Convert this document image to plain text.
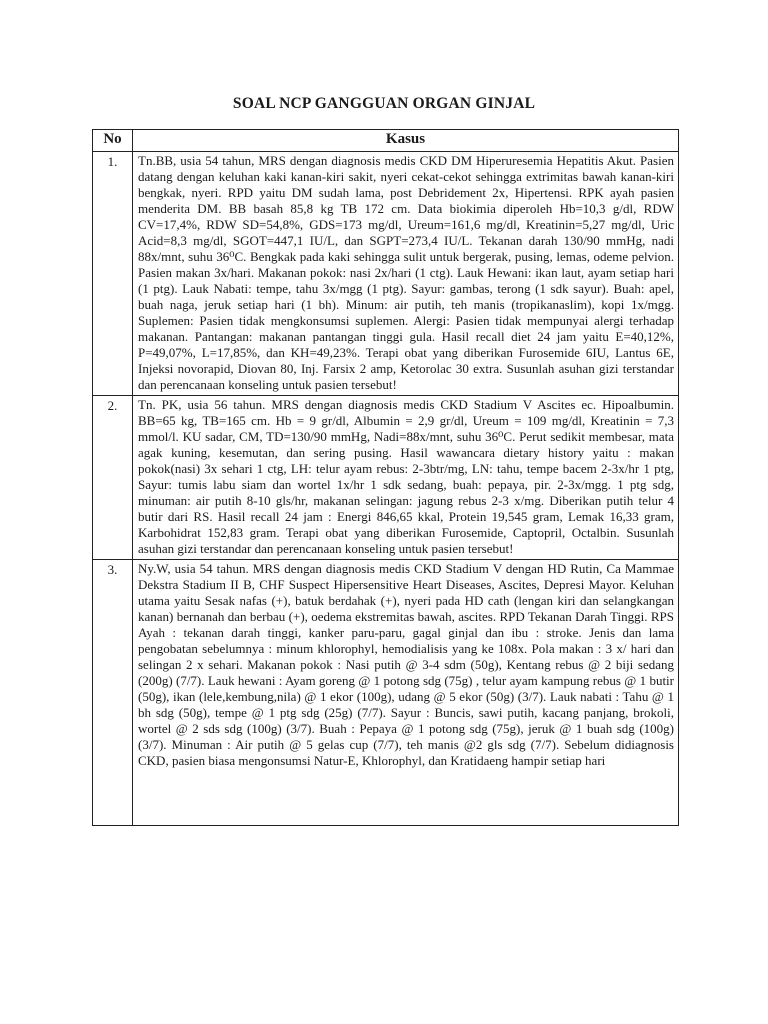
SOAL NCP GANGGUAN ORGAN GINJAL
No	Kasus
1.	Tn.BB, usia 54 tahun, MRS dengan diagnosis medis CKD DM Hiperuresemia Hepatitis Akut. Pasien datang dengan keluhan kaki kanan-kiri sakit, nyeri cekat-cekot sehingga extrimitas bawah kanan-kiri bengkak, nyeri. RPD yaitu DM sudah lama, post Debridement 2x, Hipertensi. RPK ayah pasien menderita DM. BB basah 85,8 kg TB 172 cm. Data biokimia diperoleh Hb=10,3 g/dl, RDW CV=17,4%, RDW SD=54,8%, GDS=173 mg/dl, Ureum=161,6 mg/dl, Kreatinin=5,27 mg/dl, Uric Acid=8,3 mg/dl, SGOT=447,1 IU/L, dan SGPT=273,4 IU/L. Tekanan darah 130/90 mmHg, nadi 88x/mnt, suhu 36⁰C. Bengkak pada kaki sehingga sulit untuk bergerak, pusing, lemas, odeme pelvion. Pasien makan 3x/hari. Makanan pokok: nasi 2x/hari (1 ctg). Lauk Hewani: ikan laut, ayam setiap hari (1 ptg). Lauk Nabati: tempe, tahu 3x/mgg (1 ptg). Sayur: gambas, terong (1 sdk sayur). Buah: apel, buah naga, jeruk setiap hari (1 bh). Minum: air putih, teh manis (tropikanaslim), kopi 1x/mgg. Suplemen: Pasien tidak mengkonsumsi suplemen. Alergi: Pasien tidak mempunyai alergi terhadap makanan. Pantangan: makanan pantangan tinggi gula. Hasil recall diet 24 jam yaitu E=40,12%, P=49,07%, L=17,85%, dan KH=49,23%. Terapi obat yang diberikan Furosemide 6IU, Lantus 6E, Injeksi novorapid, Diovan 80, Inj. Farsix 2 amp, Ketorolac 30 extra. Susunlah asuhan gizi terstandar dan perencanaan konseling untuk pasien tersebut!
2.	Tn. PK, usia 56 tahun. MRS dengan diagnosis medis CKD Stadium V Ascites ec. Hipoalbumin. BB=65 kg, TB=165 cm. Hb = 9 gr/dl, Albumin = 2,9 gr/dl, Ureum = 109 mg/dl, Kreatinin = 7,3 mmol/l. KU sadar, CM, TD=130/90 mmHg, Nadi=88x/mnt, suhu 36⁰C. Perut sedikit membesar, mata agak kuning, kesemutan, dan sering pusing. Hasil wawancara dietary history yaitu : makan pokok(nasi) 3x sehari 1 ctg, LH: telur ayam rebus: 2-3btr/mg, LN: tahu, tempe bacem 2-3x/hr 1 ptg, Sayur: tumis labu siam dan wortel 1x/hr 1 sdk sedang, buah: pepaya, pir. 2-3x/mgg. 1 ptg sdg, minuman: air putih 8-10 gls/hr, makanan selingan: jagung rebus 2-3 x/mg. Diberikan putih telur 4 butir dari RS. Hasil recall 24 jam : Energi 846,65 kkal, Protein 19,545 gram, Lemak 16,33 gram, Karbohidrat 152,83 gram. Terapi obat yang diberikan Furosemide, Captopril, Octalbin. Susunlah asuhan gizi terstandar dan perencanaan konseling untuk pasien tersebut!
3.	Ny.W, usia 54 tahun. MRS dengan diagnosis medis CKD Stadium V dengan HD Rutin, Ca Mammae Dekstra Stadium II B, CHF Suspect Hipersensitive Heart Diseases, Ascites, Depresi Mayor. Keluhan utama yaitu Sesak nafas (+), batuk berdahak (+), nyeri pada HD cath (lengan kiri dan selangkangan kanan) bernanah dan berbau (+), oedema ekstremitas bawah, ascites. RPD Tekanan Darah Tinggi. RPS Ayah : tekanan darah tinggi, kanker paru-paru, gagal ginjal dan ibu : stroke. Jenis dan lama pengobatan sebelumnya : minum khlorophyl, hemodialisis yang ke 108x. Pola makan : 3 x/ hari dan selingan 2 x sehari. Makanan pokok : Nasi putih @ 3-4 sdm (50g), Kentang rebus @ 2 biji sedang (200g) (7/7). Lauk hewani : Ayam goreng @ 1 potong sdg (75g) , telur ayam kampung rebus @ 1 butir (50g), ikan (lele,kembung,nila) @ 1 ekor (100g), udang @ 5 ekor (50g) (3/7). Lauk nabati : Tahu @ 1 bh sdg (50g), tempe @ 1 ptg sdg (25g) (7/7). Sayur : Buncis, sawi putih, kacang panjang, brokoli, wortel @ 2 sds sdg (100g) (3/7). Buah : Pepaya @ 1 potong sdg (75g), jeruk @ 1 buah sdg (100g) (3/7). Minuman : Air putih @ 5 gelas cup (7/7), teh manis @2 gls sdg (7/7). Sebelum didiagnosis CKD, pasien biasa mengonsumsi Natur-E, Khlorophyl, dan Kratidaeng hampir setiap hari
